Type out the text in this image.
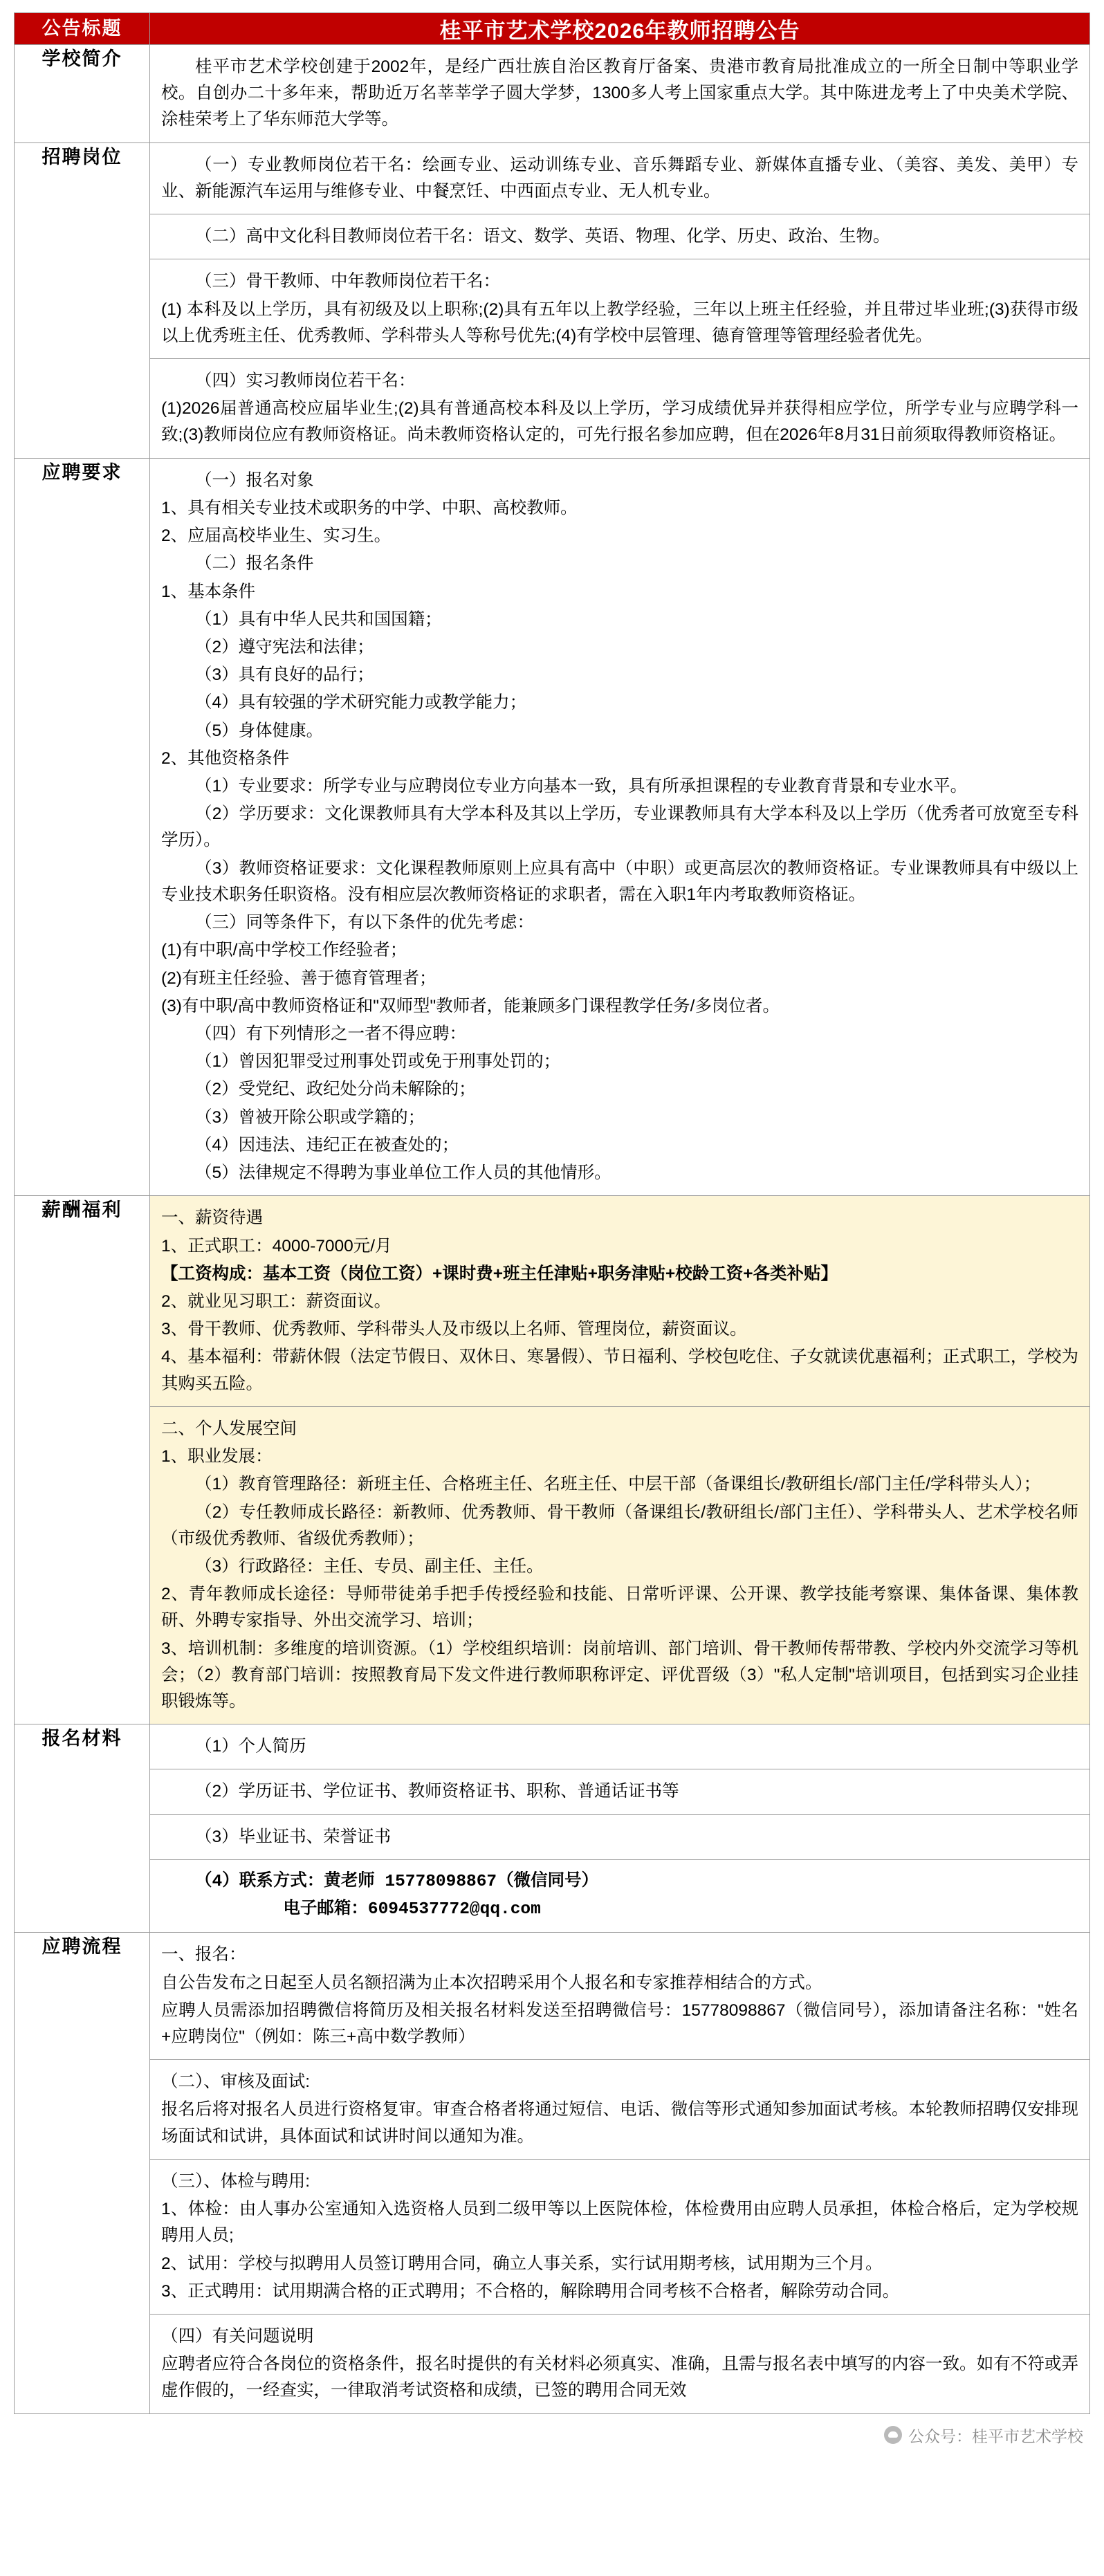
公告标题	桂平市艺术学校2026年教师招聘公告
学校简介	桂平市艺术学校创建于2002年，是经广西壮族自治区教育厅备案、贵港市教育局批准成立的一所全日制中等职业学校。自创办二十多年来，帮助近万名莘莘学子圆大学梦，1300多人考上国家重点大学。其中陈进龙考上了中央美术学院、涂桂荣考上了华东师范大学等。

招聘岗位	（一）专业教师岗位若干名：绘画专业、运动训练专业、音乐舞蹈专业、新媒体直播专业、（美容、美发、美甲）专业、新能源汽车运用与维修专业、中餐烹饪、中西面点专业、无人机专业。

（二）高中文化科目教师岗位若干名：语文、数学、英语、物理、化学、历史、政治、生物。

（三）骨干教师、中年教师岗位若干名：

(1) 本科及以上学历，具有初级及以上职称;(2)具有五年以上教学经验，三年以上班主任经验，并且带过毕业班;(3)获得市级以上优秀班主任、优秀教师、学科带头人等称号优先;(4)有学校中层管理、德育管理等管理经验者优先。

（四）实习教师岗位若干名：

(1)2026届普通高校应届毕业生;(2)具有普通高校本科及以上学历，学习成绩优异并获得相应学位，所学专业与应聘学科一致;(3)教师岗位应有教师资格证。尚未教师资格认定的，可先行报名参加应聘，但在2026年8月31日前须取得教师资格证。

应聘要求	（一）报名对象

1、具有相关专业技术或职务的中学、中职、高校教师。

2、应届高校毕业生、实习生。

（二）报名条件

1、基本条件

（1）具有中华人民共和国国籍；

（2）遵守宪法和法律；

（3）具有良好的品行；

（4）具有较强的学术研究能力或教学能力；

（5）身体健康。

2、其他资格条件

（1）专业要求：所学专业与应聘岗位专业方向基本一致，具有所承担课程的专业教育背景和专业水平。

（2）学历要求：文化课教师具有大学本科及其以上学历，专业课教师具有大学本科及以上学历（优秀者可放宽至专科学历）。

（3）教师资格证要求：文化课程教师原则上应具有高中（中职）或更高层次的教师资格证。专业课教师具有中级以上专业技术职务任职资格。没有相应层次教师资格证的求职者，需在入职1年内考取教师资格证。

（三）同等条件下，有以下条件的优先考虑：

(1)有中职/高中学校工作经验者；

(2)有班主任经验、善于德育管理者；

(3)有中职/高中教师资格证和"双师型"教师者，能兼顾多门课程教学任务/多岗位者。

（四）有下列情形之一者不得应聘：

（1）曾因犯罪受过刑事处罚或免于刑事处罚的；

（2）受党纪、政纪处分尚未解除的；

（3）曾被开除公职或学籍的；

（4）因违法、违纪正在被查处的；

（5）法律规定不得聘为事业单位工作人员的其他情形。

薪酬福利	一、薪资待遇

1、正式职工：4000-7000元/月

【工资构成：基本工资（岗位工资）+课时费+班主任津贴+职务津贴+校龄工资+各类补贴】

2、就业见习职工：薪资面议。

3、骨干教师、优秀教师、学科带头人及市级以上名师、管理岗位，薪资面议。

4、基本福利：带薪休假（法定节假日、双休日、寒暑假）、节日福利、学校包吃住、子女就读优惠福利；正式职工，学校为其购买五险。

二、个人发展空间

1、职业发展：

（1）教育管理路径：新班主任、合格班主任、名班主任、中层干部（备课组长/教研组长/部门主任/学科带头人）；

（2）专任教师成长路径：新教师、优秀教师、骨干教师（备课组长/教研组长/部门主任）、学科带头人、艺术学校名师（市级优秀教师、省级优秀教师）；

（3）行政路径：主任、专员、副主任、主任。

2、青年教师成长途径：导师带徒弟手把手传授经验和技能、日常听评课、公开课、教学技能考察课、集体备课、集体教研、外聘专家指导、外出交流学习、培训；

3、培训机制：多维度的培训资源。（1）学校组织培训：岗前培训、部门培训、骨干教师传帮带教、学校内外交流学习等机会；（2）教育部门培训：按照教育局下发文件进行教师职称评定、评优晋级（3）"私人定制"培训项目，包括到实习企业挂职锻炼等。

报名材料	（1）个人简历

（2）学历证书、学位证书、教师资格证书、职称、普通话证书等

（3）毕业证书、荣誉证书

（4）联系方式：黄老师 15778098867（微信同号）

电子邮箱：6094537772@qq.com

应聘流程	一、报名：

自公告发布之日起至人员名额招满为止本次招聘采用个人报名和专家推荐相结合的方式。

应聘人员需添加招聘微信将简历及相关报名材料发送至招聘微信号：15778098867（微信同号），添加请备注名称："姓名+应聘岗位"（例如：陈三+高中数学教师）

（二）、审核及面试:

报名后将对报名人员进行资格复审。审查合格者将通过短信、电话、微信等形式通知参加面试考核。本轮教师招聘仅安排现场面试和试讲，具体面试和试讲时间以通知为准。

（三）、体检与聘用:

1、体检：由人事办公室通知入选资格人员到二级甲等以上医院体检，体检费用由应聘人员承担，体检合格后，定为学校规聘用人员;

2、试用：学校与拟聘用人员签订聘用合同，确立人事关系，实行试用期考核，试用期为三个月。

3、正式聘用：试用期满合格的正式聘用；不合格的，解除聘用合同考核不合格者，解除劳动合同。

（四）有关问题说明

应聘者应符合各岗位的资格条件，报名时提供的有关材料必须真实、准确，且需与报名表中填写的内容一致。如有不符或弄虚作假的，一经查实，一律取消考试资格和成绩，已签的聘用合同无效

公众号：桂平市艺术学校
